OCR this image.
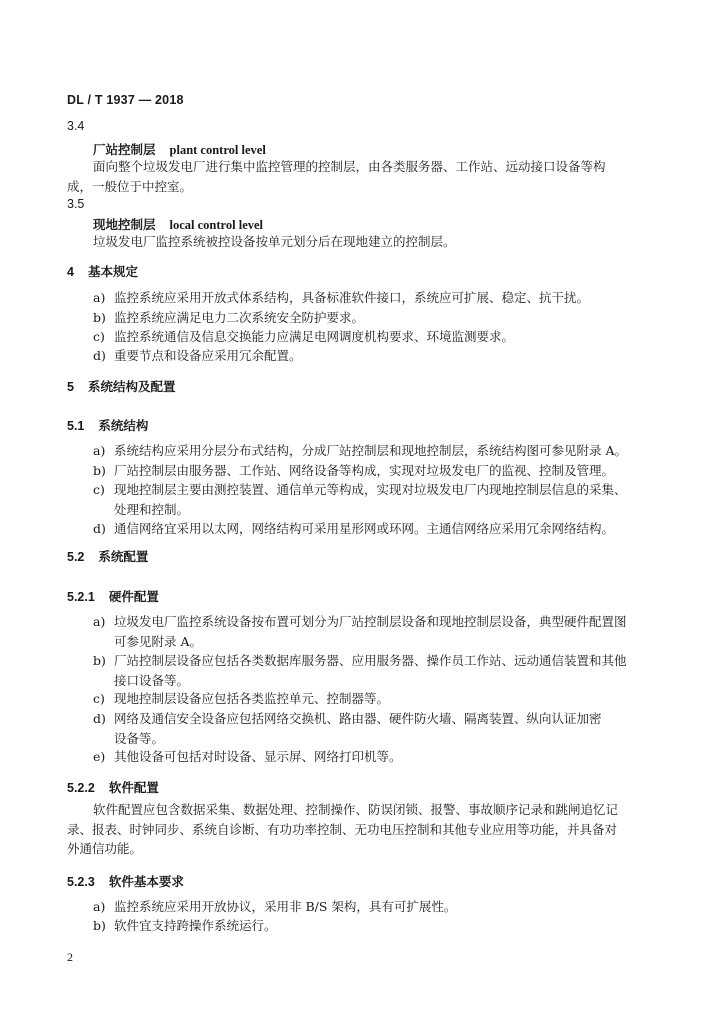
DL / T 1937 — 2018
3.4
厂站控制层 plant control level
面向整个垃圾发电厂进行集中监控管理的控制层，由各类服务器、工作站、远动接口设备等构
成，一般位于中控室。
3.5
现地控制层 local control level
垃圾发电厂监控系统被控设备按单元划分后在现地建立的控制层。
4 基本规定
a) 监控系统应采用开放式体系结构，具备标准软件接口，系统应可扩展、稳定、抗干扰。
b) 监控系统应满足电力二次系统安全防护要求。
c) 监控系统通信及信息交换能力应满足电网调度机构要求、环境监测要求。
d) 重要节点和设备应采用冗余配置。
5 系统结构及配置
5.1 系统结构
a) 系统结构应采用分层分布式结构，分成厂站控制层和现地控制层，系统结构图可参见附录 A。
b) 厂站控制层由服务器、工作站、网络设备等构成，实现对垃圾发电厂的监视、控制及管理。
c) 现地控制层主要由测控装置、通信单元等构成，实现对垃圾发电厂内现地控制层信息的采集、
处理和控制。
d) 通信网络宜采用以太网，网络结构可采用星形网或环网。主通信网络应采用冗余网络结构。
5.2 系统配置
5.2.1 硬件配置
a) 垃圾发电厂监控系统设备按布置可划分为厂站控制层设备和现地控制层设备，典型硬件配置图
可参见附录 A。
b) 厂站控制层设备应包括各类数据库服务器、应用服务器、操作员工作站、远动通信装置和其他
接口设备等。
c) 现地控制层设备应包括各类监控单元、控制器等。
d) 网络及通信安全设备应包括网络交换机、路由器、硬件防火墙、隔离装置、纵向认证加密
设备等。
e) 其他设备可包括对时设备、显示屏、网络打印机等。
5.2.2 软件配置
软件配置应包含数据采集、数据处理、控制操作、防误闭锁、报警、事故顺序记录和跳闸追忆记
录、报表、时钟同步、系统自诊断、有功功率控制、无功电压控制和其他专业应用等功能，并具备对
外通信功能。
5.2.3 软件基本要求
a) 监控系统应采用开放协议，采用非 B/S 架构，具有可扩展性。
b) 软件宜支持跨操作系统运行。
2
